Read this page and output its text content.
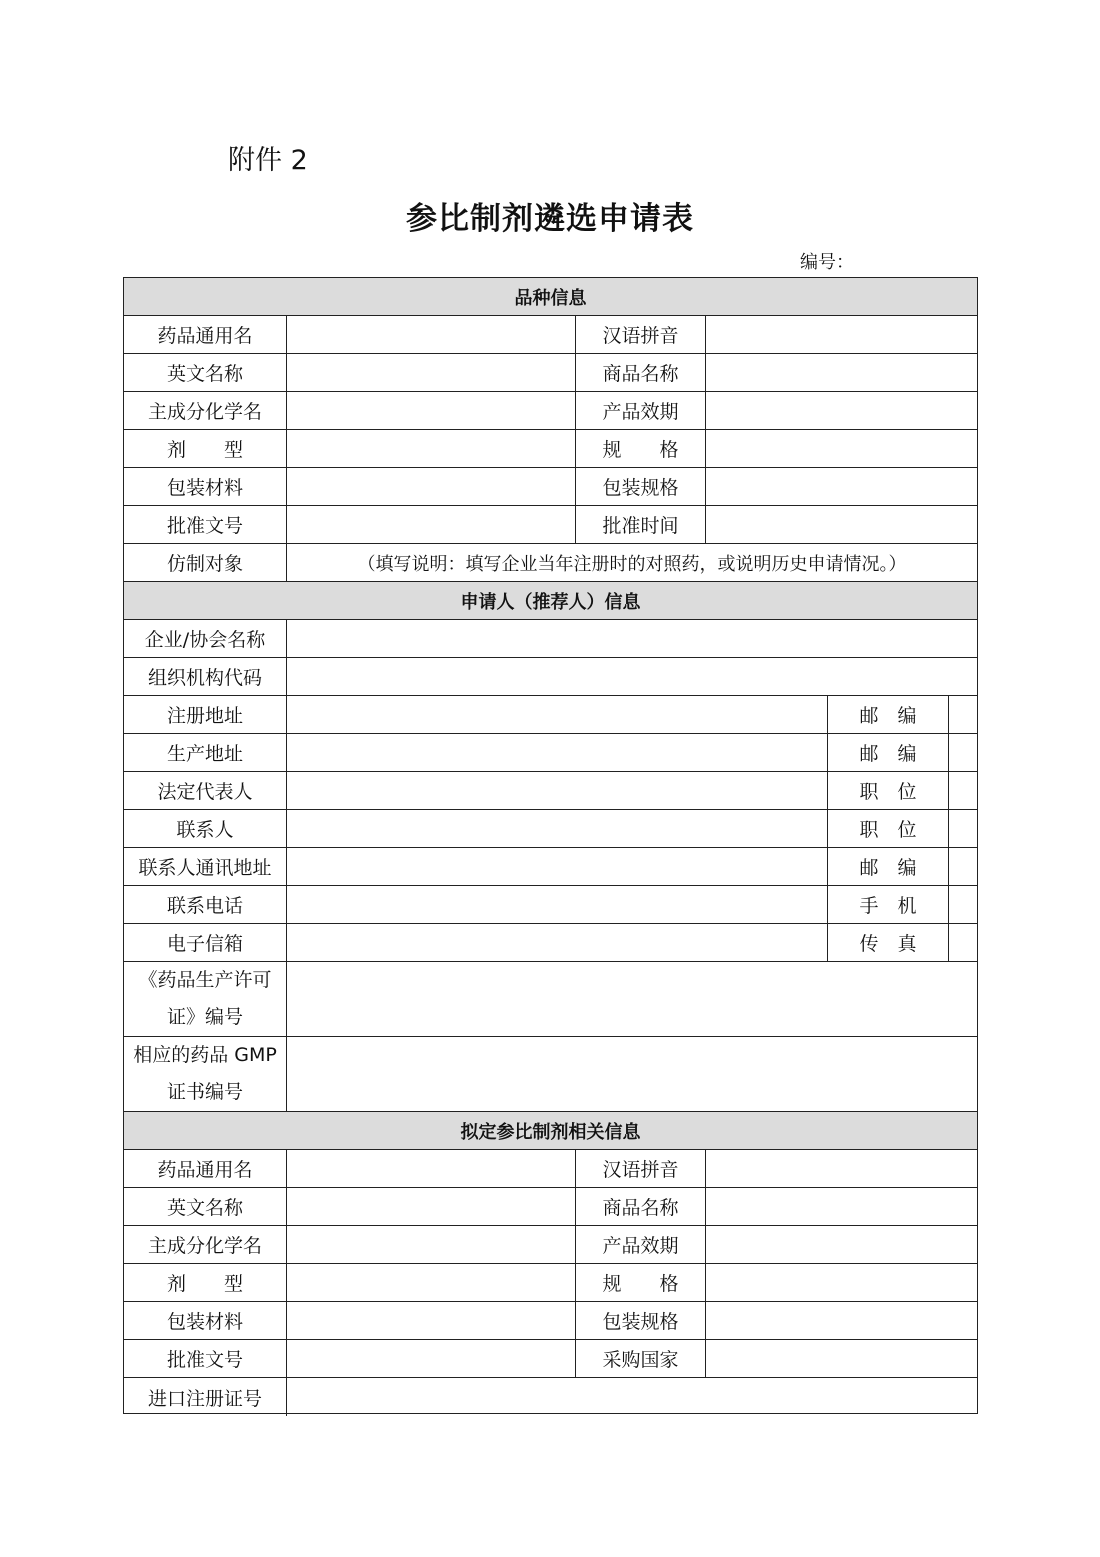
附件 2
参比制剂遴选申请表
编号：
品种信息
药品通用名	汉语拼音
英文名称	商品名称
主成分化学名	产品效期
剂　　型	规　　格
包装材料	包装规格
批准文号	批准时间
仿制对象	（填写说明：填写企业当年注册时的对照药，或说明历史申请情况。）
申请人（推荐人）信息
企业/协会名称
组织机构代码
注册地址	邮　编
生产地址	邮　编
法定代表人	职　位
联系人	职　位
联系人通讯地址	邮　编
联系电话	手　机
电子信箱	传　真
《药品生产许可证》编号
相应的药品 GMP 证书编号
拟定参比制剂相关信息
药品通用名	汉语拼音
英文名称	商品名称
主成分化学名	产品效期
剂　　型	规　　格
包装材料	包装规格
批准文号	采购国家
进口注册证号
